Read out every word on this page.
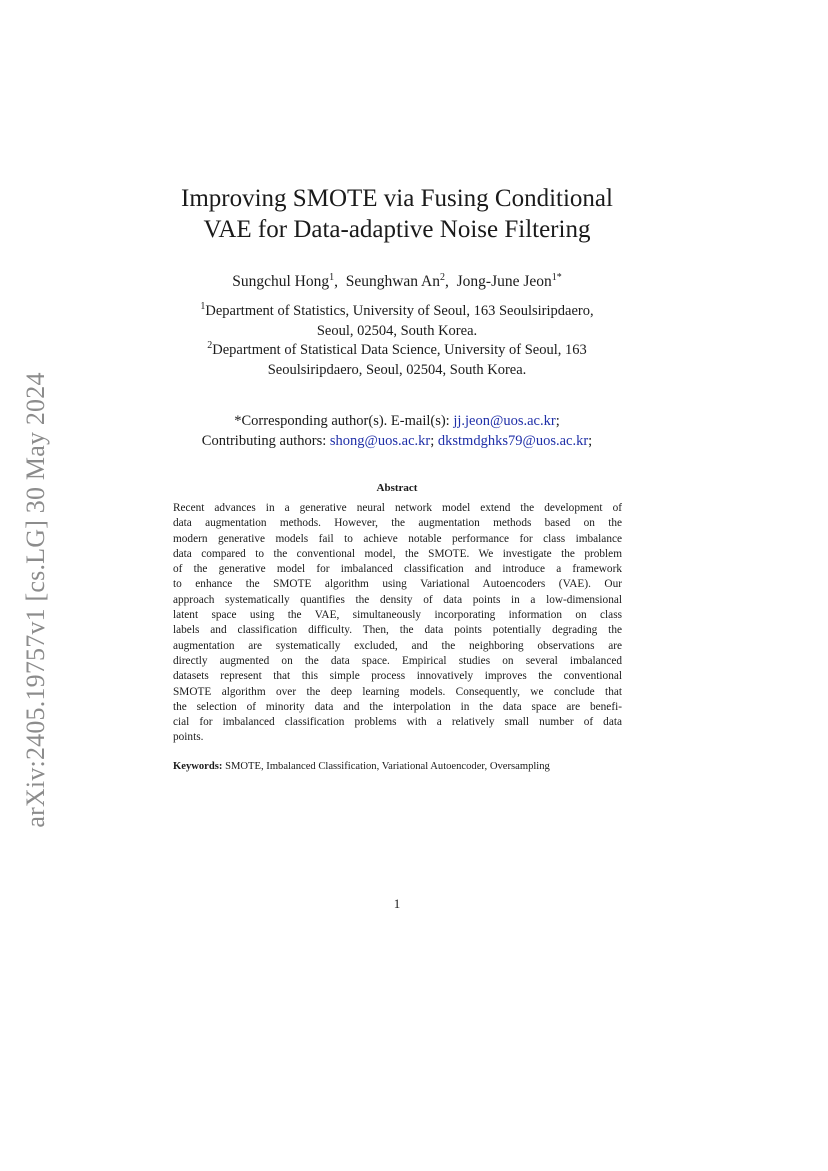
arXiv:2405.19757v1 [cs.LG] 30 May 2024
Improving SMOTE via Fusing Conditional
VAE for Data-adaptive Noise Filtering
Sungchul Hong$^1$,  Seunghwan An$^2$,  Jong-June Jeon$^{1*}$
$^1$Department of Statistics, University of Seoul, 163 Seoulsiripdaero,
Seoul, 02504, South Korea.
$^2$Department of Statistical Data Science, University of Seoul, 163
Seoulsiripdaero, Seoul, 02504, South Korea.
*Corresponding author(s). E-mail(s): jj.jeon@uos.ac.kr;
Contributing authors: shong@uos.ac.kr; dkstmdghks79@uos.ac.kr;
Abstract
Recent advances in a generative neural network model extend the development of
data augmentation methods. However, the augmentation methods based on the
modern generative models fail to achieve notable performance for class imbalance
data compared to the conventional model, the SMOTE. We investigate the problem
of the generative model for imbalanced classification and introduce a framework
to enhance the SMOTE algorithm using Variational Autoencoders (VAE). Our
approach systematically quantifies the density of data points in a low-dimensional
latent space using the VAE, simultaneously incorporating information on class
labels and classification difficulty. Then, the data points potentially degrading the
augmentation are systematically excluded, and the neighboring observations are
directly augmented on the data space. Empirical studies on several imbalanced
datasets represent that this simple process innovatively improves the conventional
SMOTE algorithm over the deep learning models. Consequently, we conclude that
the selection of minority data and the interpolation in the data space are benefi-
cial for imbalanced classification problems with a relatively small number of data
points.
Keywords: SMOTE, Imbalanced Classification, Variational Autoencoder, Oversampling
1
